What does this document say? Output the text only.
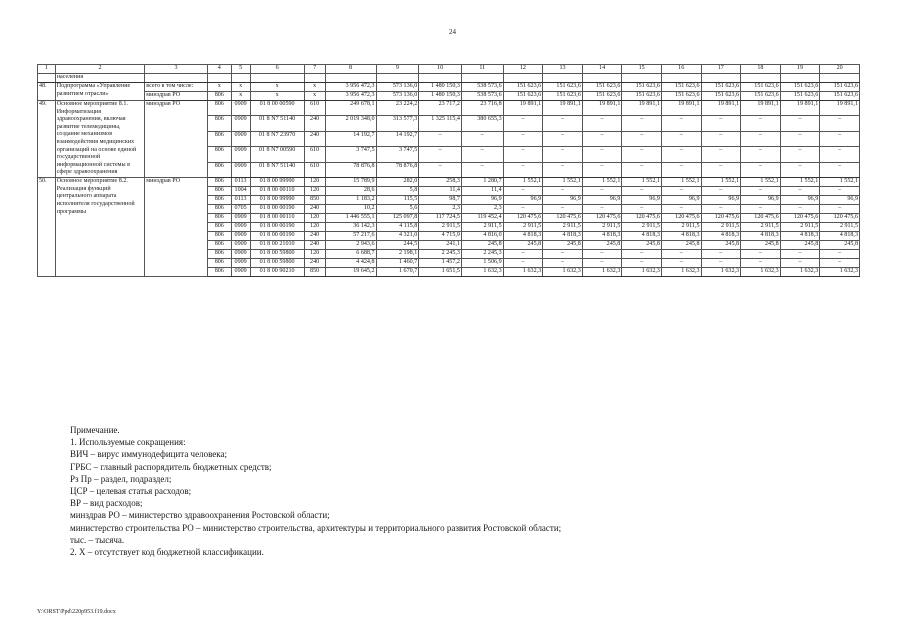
24
1	2	3	4	5	6	7	8	9	10	11	12	13	14	15	16	17	18	19	20
	населения																		
48.	Подпрограмма «Управление развитием отрасли»	всего в том числе:	x	x	x	x	3 956 472,3	573 136,0	1 480 150,3	538 573,6	151 623,6	151 623,6	151 623,6	151 623,6	151 623,6	151 623,6	151 623,6	151 623,6	151 623,6
		минздрав РО	806	x	x	x	3 956 472,3	573 136,0	1 480 150,3	538 573,6	151 623,6	151 623,6	151 623,6	151 623,6	151 623,6	151 623,6	151 623,6	151 623,6	151 623,6
49.	Основное мероприятие 8.1. Информатизация здравоохранения, включая развитие телемедицины, создание механизмов взаимодействия медицинских организаций на основе единой государственной информационной системы в сфере здравоохранения	минздрав РО	806	0909	01 8 00 00590	610	249 678,1	23 224,2	23 717,2	23 716,8	19 891,1	19 891,1	19 891,1	19 891,1	19 891,1	19 891,1	19 891,1	19 891,1	19 891,1
			806	0909	01 8 N7 51140	240	2 019 348,0	313 577,3	1 325 115,4	380 655,3	–	–	–	–	–	–	–	–	–
			806	0909	01 8 N7 23970	240	14 192,7	14 192,7	–	–	–	–	–	–	–	–	–	–	–
			806	0909	01 8 N7 00590	610	3 747,5	3 747,5	–	–	–	–	–	–	–	–	–	–	–
			806	0909	01 8 N7 51140	610	78 876,8	78 876,8	–	–	–	–	–	–	–	–	–	–	–
50.	Основное мероприятие 8.2. Реализация функций центрального аппарата исполнителя государственной программы	минздрав РО	806	0113	01 8 00 99990	120	15 789,9	282,0	258,3	1 280,7	1 552,1	1 552,1	1 552,1	1 552,1	1 552,1	1 552,1	1 552,1	1 552,1	1 552,1
			806	1004	01 8 00 00110	120	28,6	5,8	11,4	11,4	–	–	–	–	–	–	–	–	–
			806	0113	01 8 00 99990	850	1 183,2	115,5	98,7	96,9	96,9	96,9	96,9	96,9	96,9	96,9	96,9	96,9	96,9
			806	0705	01 8 00 00190	240	10,2	5,6	2,3	2,3	–	–	–	–	–	–	–	–	–
			806	0909	01 8 00 00110	120	1 446 555,1	125 097,8	117 724,5	119 452,4	120 475,6	120 475,6	120 475,6	120 475,6	120 475,6	120 475,6	120 475,6	120 475,6	120 475,6
			806	0909	01 8 00 00190	120	36 142,3	4 115,8	2 911,5	2 911,5	2 911,5	2 911,5	2 911,5	2 911,5	2 911,5	2 911,5	2 911,5	2 911,5	2 911,5
			806	0909	01 8 00 00190	240	57 217,6	4 321,0	4 715,9	4 816,0	4 818,3	4 818,3	4 818,3	4 818,3	4 818,3	4 818,3	4 818,3	4 818,3	4 818,3
			806	0909	01 8 00 21010	240	2 943,6	244,5	241,1	245,8	245,8	245,8	245,8	245,8	245,8	245,8	245,8	245,8	245,8
			806	0909	01 8 00 59800	120	6 688,7	2 198,1	2 245,3	2 245,3	–	–	–	–	–	–	–	–	–
			806	0909	01 8 00 59800	240	4 424,8	1 460,7	1 457,2	1 506,9	–	–	–	–	–	–	–	–	–
			806	0909	01 8 00 90210	850	19 645,2	1 670,7	1 651,5	1 632,3	1 632,3	1 632,3	1 632,3	1 632,3	1 632,3	1 632,3	1 632,3	1 632,3	1 632,3
Примечание.
1. Используемые сокращения:
ВИЧ – вирус иммунодефицита человека;
ГРБС – главный распорядитель бюджетных средств;
Рз Пр – раздел, подраздел;
ЦСР – целевая статья расходов;
ВР – вид расходов;
минздрав РО – министерство здравоохранения Ростовской области;
министерство строительства РО – министерство строительства, архитектуры и территориального развития Ростовской области;
тыс. – тысяча.
2. Х – отсутствует код бюджетной классификации.
Y:\ORST\Ppd\220p953.f19.docx
